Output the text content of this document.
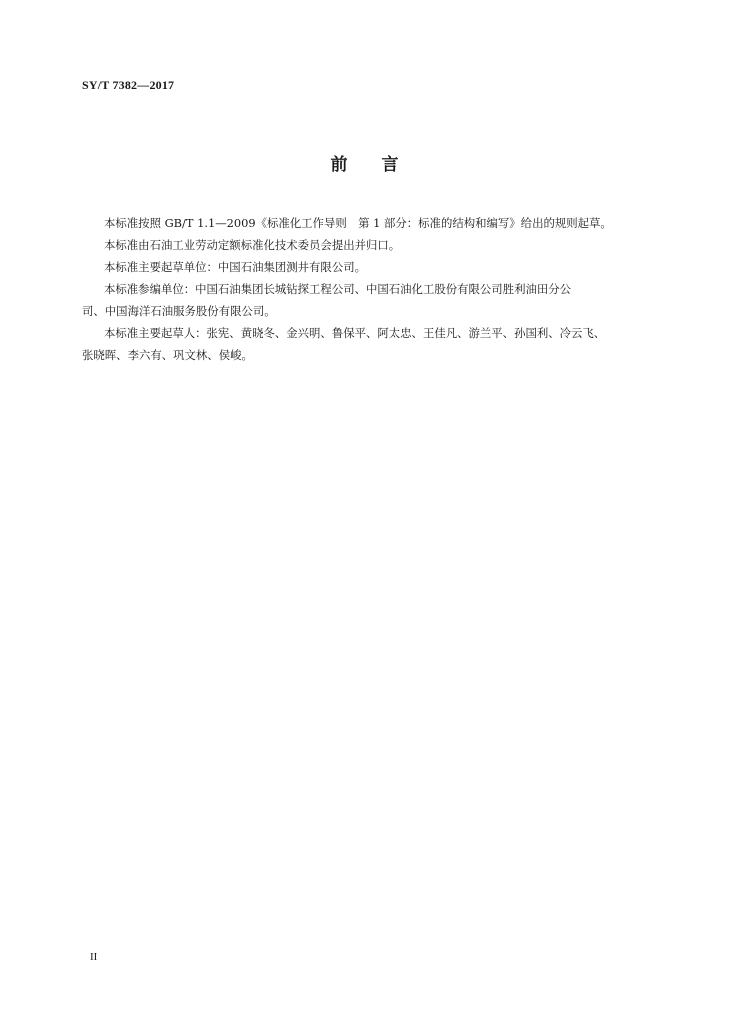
SY/T 7382—2017
前言

本标准按照 GB/T 1.1—2009《标准化工作导则　第 1 部分：标准的结构和编写》给出的规则起草。

本标准由石油工业劳动定额标准化技术委员会提出并归口。

本标准主要起草单位：中国石油集团测井有限公司。

本标准参编单位：中国石油集团长城钻探工程公司、中国石油化工股份有限公司胜利油田分公
司、中国海洋石油服务股份有限公司。

本标准主要起草人：张宪、黄晓冬、金兴明、鲁保平、阿太忠、王佳凡、游兰平、孙国利、冷云飞、
张晓晖、李六有、巩文林、侯峻。

II
